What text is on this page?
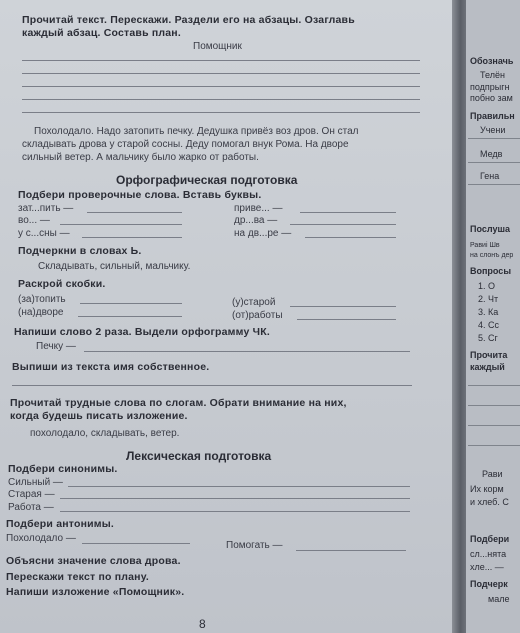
Прочитай текст. Перескажи. Раздели его на абзацы. Озаглавь
каждый абзац. Составь план.
Помощник
Похолодало. Надо затопить печку. Дедушка привёз воз дров. Он стал
складывать дрова у старой сосны. Деду помогал внук Рома. На дворе
сильный ветер. А мальчику было жарко от работы.
Орфографическая подготовка
Подбери проверочные слова. Вставь буквы.
зат...пить —
во... —
у с...сны —
приве... —
др...ва —
на дв...ре —
Подчеркни в словах Ь.
Складывать, сильный, мальчику.
Раскрой скобки.
(за)топить
(на)дворе
(у)старой
(от)работы
Напиши слово 2 раза. Выдели орфограмму ЧК.
Печку —
Выпиши из текста имя собственное.
Прочитай трудные слова по слогам. Обрати внимание на них,
когда будешь писать изложение.
похолодало, складывать, ветер.
Лексическая подготовка
Подбери синонимы.
Сильный —
Старая —
Работа —
Подбери антонимы.
Похолодало —
Помогать —
Объясни значение слова дрова.
Перескажи текст по плану.
Напиши изложение «Помощник».
8
Обозначь
Телён
подпрыгн
побно зам
Правильн
Учени
Медв
Гена
Послуша
Равиі Шв
на слонъ дер
Вопросы
1. О
2. Чт
3. Ка
4. Сс
5. Сг
Прочита
каждый
Рави
Их корм
и хлеб. С
Подбери
сл...нята
хле... —
Подчерк
мале
